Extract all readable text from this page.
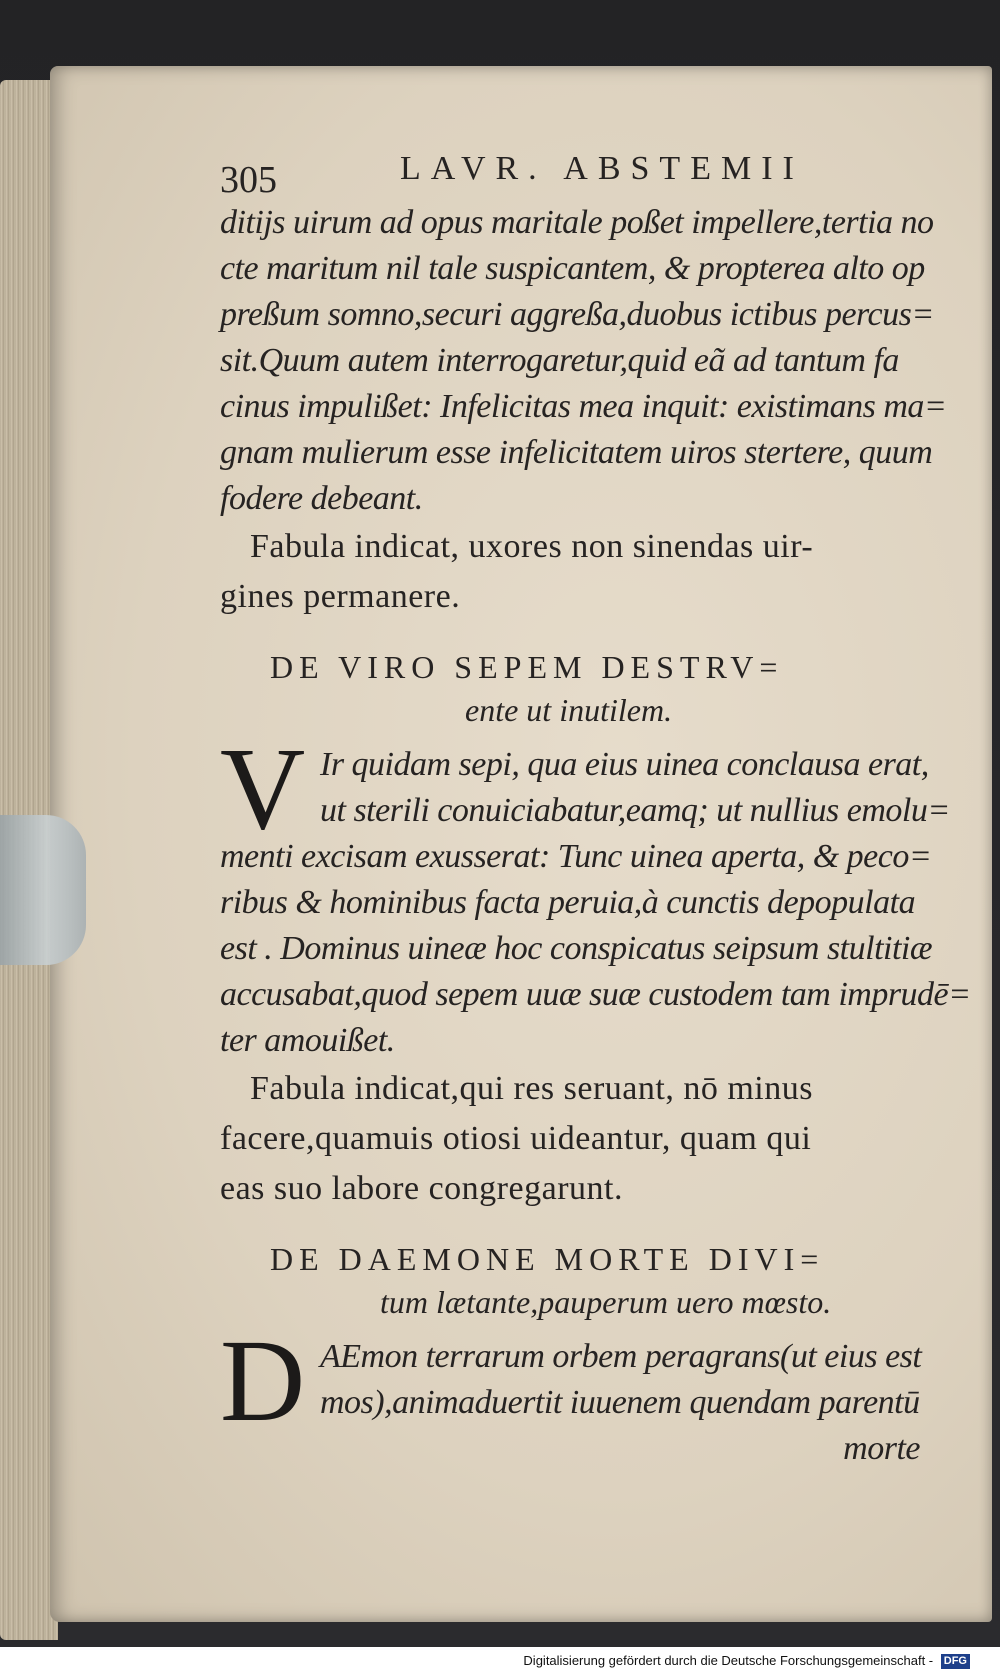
305	LAVR. ABSTEMII
ditijs uirum ad opus maritale poßet impellere,tertia no
cte maritum nil tale suspicantem, & propterea alto op
preßum somno,securi aggreßa,duobus ictibus percus=
sit.Quum autem interrogaretur,quid eã ad tantum fa
cinus impulißet: Infelicitas mea inquit: existimans ma=
gnam mulierum esse infelicitatem uiros stertere, quum
fodere debeant.
Fabula indicat, uxores non sinendas uir-
gines permanere.
DE VIRO SEPEM DESTRV=
ente ut inutilem.
V Ir quidam sepi, qua eius uinea conclausa erat,
ut sterili conuiciabatur,eamq; ut nullius emolu=
menti excisam exusserat: Tunc uinea aperta, & peco=
ribus & hominibus facta peruia,à cunctis depopulata
est . Dominus uineæ hoc conspicatus seipsum stultitiæ
accusabat,quod sepem uuæ suæ custodem tam imprudē=
ter amouißet.
Fabula indicat,qui res seruant, nō minus
facere,quamuis otiosi uideantur, quam qui
eas suo labore congregarunt.
DE DAEMONE MORTE DIVI=
tum lætante,pauperum uero mœsto.
D AEmon terrarum orbem peragrans(ut eius est
mos),animaduertit iuuenem quendam parentū
morte
Digitalisierung gefördert durch die Deutsche Forschungsgemeinschaft - DFG
